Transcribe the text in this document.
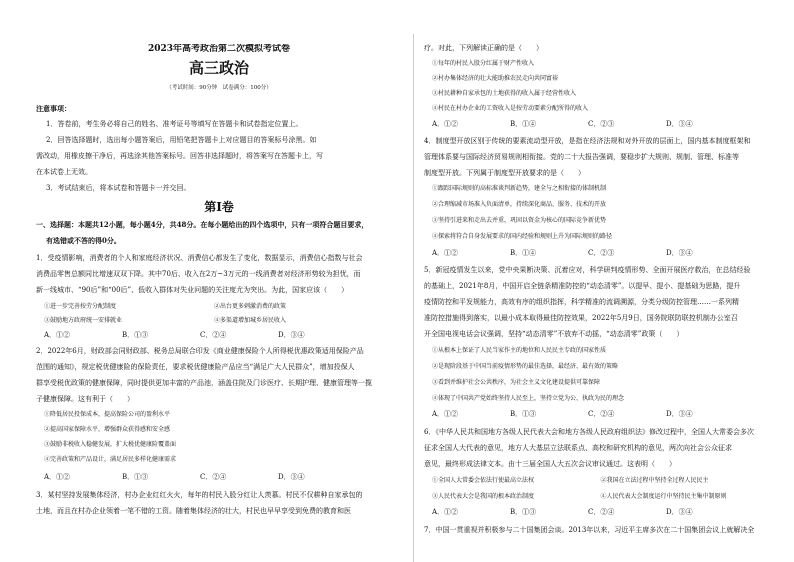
2023年高考政治第二次模拟考试卷
高三政治
（考试时间：90分钟　试卷满分：100分）
注意事项：
1．答卷前，考生务必将自己的姓名、准考证号等填写在答题卡和试卷指定位置上。
2．回答选择题时，选出每小题答案后，用铅笔把答题卡上对应题目的答案标号涂黑。如
需改动，用橡皮擦干净后，再选涂其他答案标号。回答非选择题时，将答案写在答题卡上，写
在本试卷上无效。
3．考试结束后，将本试卷和答题卡一并交回。
第Ⅰ卷
一、选择题：本题共12小题，每小题4分，共48分。在每小题给出的四个选项中，只有一项符合题目要求，
有选错或不答的得0分。
1．受疫情影响，消费者的个人和家庭经济状况、消费信心都发生了变化，数据显示，消费信心指数与社会
消费品零售总额同比增速双双下降。其中70后、收入在2万~3万元的一线消费者对经济形势较为担忧，而
新一线城市、“90后”和“00后”、低收入群体对失业问题的关注度尤为突出。为此，国家应该（　　）
①进一步完善按劳分配制度	②出台更多刺激消费的政策
③鼓励地方政府统一安排就业	④多渠道增加城乡居民收入
A．①②	B．①③	C．②④	D．③④
2．2022年6月，财政部会同财政部、税务总局联合印发《商业健康保险个人所得税优惠政策适用保险产品
范围的通知》，规定税优健康险的保险责任，要求税优健康险产品应当“满足广大人民群众”，增加投保人
群享受税优政策的健康保障，同时提供更加丰富的产品池，涵盖住院及门诊医疗、长期护理、健康管理等一揽
子健康保障。这有利于（　　）
①降低居民投保成本，提高保险公司的盈利水平
②提高国家保障水平，增强群众获得感和安全感
③鼓励非税收入稳健发展，扩大税优健康险覆盖面
④完善政策和产品设计，满足居民多样化健康需求
A．①②	B．①③	C．②④	D．③④
3．某村坚持发展集体经济，村办企业红红火火，每年的村民入股分红让人羡慕。村民不仅耕种自家承包的
土地，而且在村办企业领着一笔不错的工资。随着集体经济的壮大，村民也早早享受到免费的教育和医
疗。对此，下列解读正确的是（　　）
①每年的村民入股分红属于财产性收入
②村办集体经济的壮大能助推农民走向共同富裕
③村民耕种自家承包的土地获得的收入属于经营性收入
④村民在村办企业的工资收入是按劳动要素分配所得的收入
A．①②	B．①④	C．②③	D．③④
4．制度型开放区别于传统的要素流动型开放，是指在经济法规和对外开放的层面上，国内基本制度框架和
管理体系要与国际经济贸易规则相衔接。党的二十大报告强调，要稳步扩大规则、规制、管理、标准等
制度型开放。下列属于制度型开放要求的是（　　）
①跟踪国际规则的高标准谈判新趋势，建全与之相衔接的体制机制
②合理缩减市场准入负面清单，持续深化商品、服务、技术的开放
③坚持引进来和走出去并重，巩固以资金为核心的国际竞争新优势
④探索将符合自身发展要求的国内经验和规则上升为国际规则的路径
A．①②	B．①④	C．②③	D．③④
5．新冠疫情发生以来，党中央果断决策、沉着应对，科学研判疫情形势、全面开展医疗救治，在总结经验
的基础上，2021年8月，中国开启全链条精准防控的“动态清零”。以提早、提小、提基础为思路，提升
疫情防控和平发规能力，高效有序的组织指挥，科学精准的流调溯源，分类分级防控管理……一系列精
准防控措施得到落实，以最小成本取得最佳防控效果，2022年5月9日，国务院联防联控机制办公室召
开全国电视电话会议强调，坚持“动态清零”不放弃不动摇，“动态清零”政策（　　）
①从根本上保证了人民当家作主的地位和人民民主专政的国家性质
②是现阶段基于中国当前疫情形势的最佳选择，最经济、最有效的策略
③看到并维护社会公共秩序，为社会主义文化建设提供可靠保障
④体现了中国共产党始终坚持人民至上，坚持立党为公、执政为民的理念
A．①②	B．①③	C．②④	D．③④
6．《中华人民共和国地方各级人民代表大会和地方各级人民政府组织法》修改过程中，全国人大常委会多次
征求全国人大代表的意见，地方人大基层立法联系点、高校和研究机构的意见，两次向社会公众征求
意见，最终形成法律文本。由十三届全国人大五次会议审议通过。这表明（　　）
①全国人大常委会依法行使最高立法权	②我国在立法过程中坚持全过程人民民主
③人民代表大会是我国的根本政治制度	④人民代表大会制度运行中坚持民主集中制原则
A．①②	B．①③	C．②④	D．③④
7．中国一贯重视并积极参与二十国集团会谈。2013年以来，习近平主席多次在二十国集团会议上就解决全
